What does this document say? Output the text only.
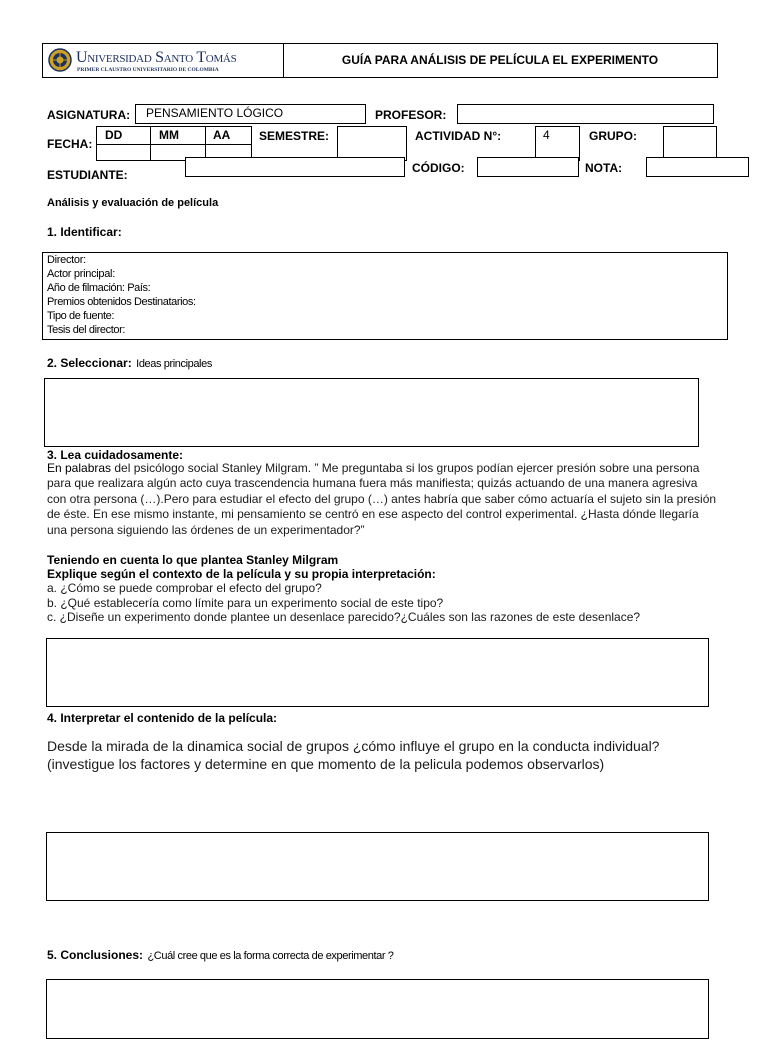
Universidad Santo Tomás
PRIMER CLAUSTRO UNIVERSITARIO DE COLOMBIA
GUÍA PARA ANÁLISIS DE PELÍCULA EL EXPERIMENTO
ASIGNATURA:	PENSAMIENTO LÓGICO	PROFESOR:
FECHA:
DD	MM	AA SEMESTRE:	ACTIVIDAD N°:	4	GRUPO:
ESTUDIANTE:	CÓDIGO:	NOTA:
Análisis y evaluación de película
1. Identificar:
Director:
Actor principal:
Año de filmación: País:
Premios obtenidos Destinatarios:
Tipo de fuente:
Tesis del director:
2. Seleccionar: Ideas principales
3. Lea cuidadosamente:
En palabras del psicólogo social Stanley Milgram. ” Me preguntaba si los grupos podían ejercer presión sobre una persona para que realizara algún acto cuya trascendencia humana fuera más manifiesta; quizás actuando de una manera agresiva con otra persona (…).Pero para estudiar el efecto del grupo (…) antes habría que saber cómo actuaría el sujeto sin la presión de éste. En ese mismo instante, mi pensamiento se centró en ese aspecto del control experimental. ¿Hasta dónde llegaría una persona siguiendo las órdenes de un experimentador?”
Teniendo en cuenta lo que plantea Stanley Milgram
Explique según el contexto de la película y su propia interpretación:
a. ¿Cómo se puede comprobar el efecto del grupo?
b. ¿Qué establecería como límite para un experimento social de este tipo?
c. ¿Diseñe un experimento donde plantee un desenlace parecido?¿Cuáles son las razones de este desenlace?
4. Interpretar el contenido de la película:
Desde la mirada de la dinamica social de grupos ¿cómo influye el grupo en la conducta individual? (investigue los factores y determine en que momento de la pelicula podemos observarlos)
5. Conclusiones: ¿Cuál cree que es la forma correcta de experimentar ?
